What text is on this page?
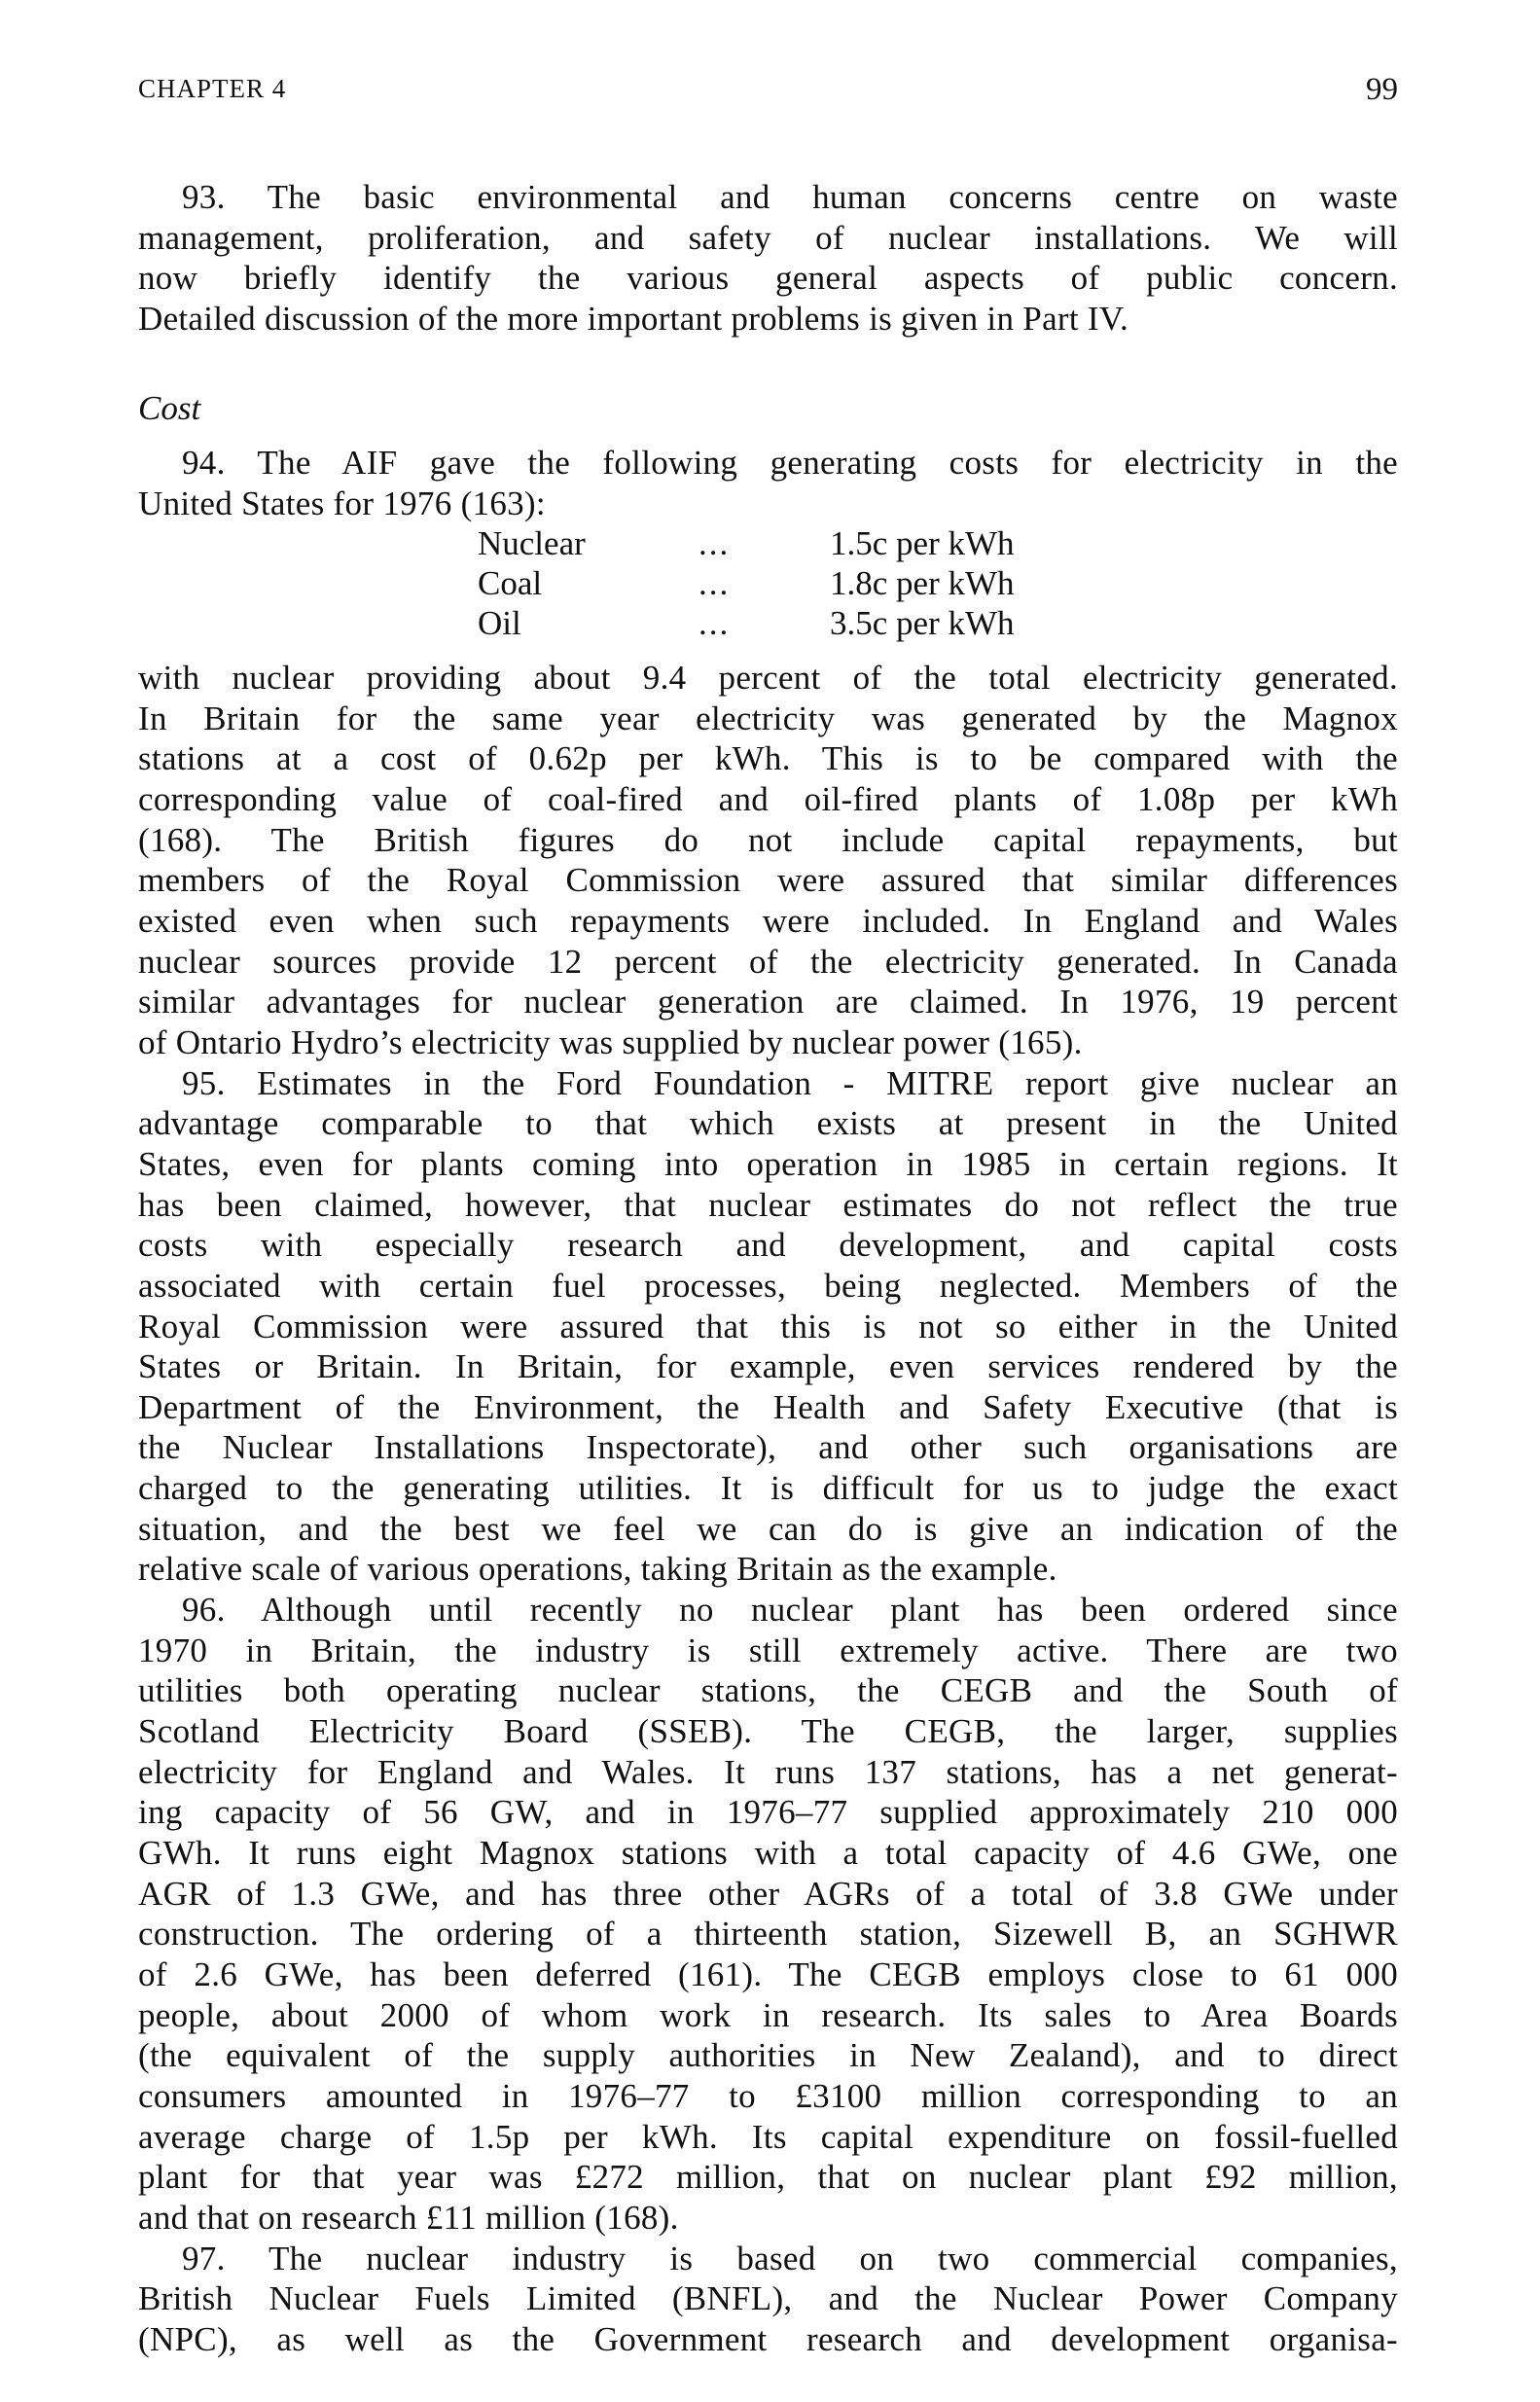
CHAPTER 4	99
93. The basic environmental and human concerns centre on waste
management, proliferation, and safety of nuclear installations. We will
now briefly identify the various general aspects of public concern.
Detailed discussion of the more important problems is given in Part IV.
Cost
94. The AIF gave the following generating costs for electricity in the
United States for 1976 (163):
Nuclear	...	1.5c per kWh
Coal	...	1.8c per kWh
Oil	...	3.5c per kWh
with nuclear providing about 9.4 percent of the total electricity generated.
In Britain for the same year electricity was generated by the Magnox
stations at a cost of 0.62p per kWh. This is to be compared with the
corresponding value of coal-fired and oil-fired plants of 1.08p per kWh
(168). The British figures do not include capital repayments, but
members of the Royal Commission were assured that similar differences
existed even when such repayments were included. In England and Wales
nuclear sources provide 12 percent of the electricity generated. In Canada
similar advantages for nuclear generation are claimed. In 1976, 19 percent
of Ontario Hydro’s electricity was supplied by nuclear power (165).
95. Estimates in the Ford Foundation - MITRE report give nuclear an
advantage comparable to that which exists at present in the United
States, even for plants coming into operation in 1985 in certain regions. It
has been claimed, however, that nuclear estimates do not reflect the true
costs with especially research and development, and capital costs
associated with certain fuel processes, being neglected. Members of the
Royal Commission were assured that this is not so either in the United
States or Britain. In Britain, for example, even services rendered by the
Department of the Environment, the Health and Safety Executive (that is
the Nuclear Installations Inspectorate), and other such organisations are
charged to the generating utilities. It is difficult for us to judge the exact
situation, and the best we feel we can do is give an indication of the
relative scale of various operations, taking Britain as the example.
96. Although until recently no nuclear plant has been ordered since
1970 in Britain, the industry is still extremely active. There are two
utilities both operating nuclear stations, the CEGB and the South of
Scotland Electricity Board (SSEB). The CEGB, the larger, supplies
electricity for England and Wales. It runs 137 stations, has a net generat-
ing capacity of 56 GW, and in 1976–77 supplied approximately 210 000
GWh. It runs eight Magnox stations with a total capacity of 4.6 GWe, one
AGR of 1.3 GWe, and has three other AGRs of a total of 3.8 GWe under
construction. The ordering of a thirteenth station, Sizewell B, an SGHWR
of 2.6 GWe, has been deferred (161). The CEGB employs close to 61 000
people, about 2000 of whom work in research. Its sales to Area Boards
(the equivalent of the supply authorities in New Zealand), and to direct
consumers amounted in 1976–77 to £3100 million corresponding to an
average charge of 1.5p per kWh. Its capital expenditure on fossil-fuelled
plant for that year was £272 million, that on nuclear plant £92 million,
and that on research £11 million (168).
97. The nuclear industry is based on two commercial companies,
British Nuclear Fuels Limited (BNFL), and the Nuclear Power Company
(NPC), as well as the Government research and development organisa-
